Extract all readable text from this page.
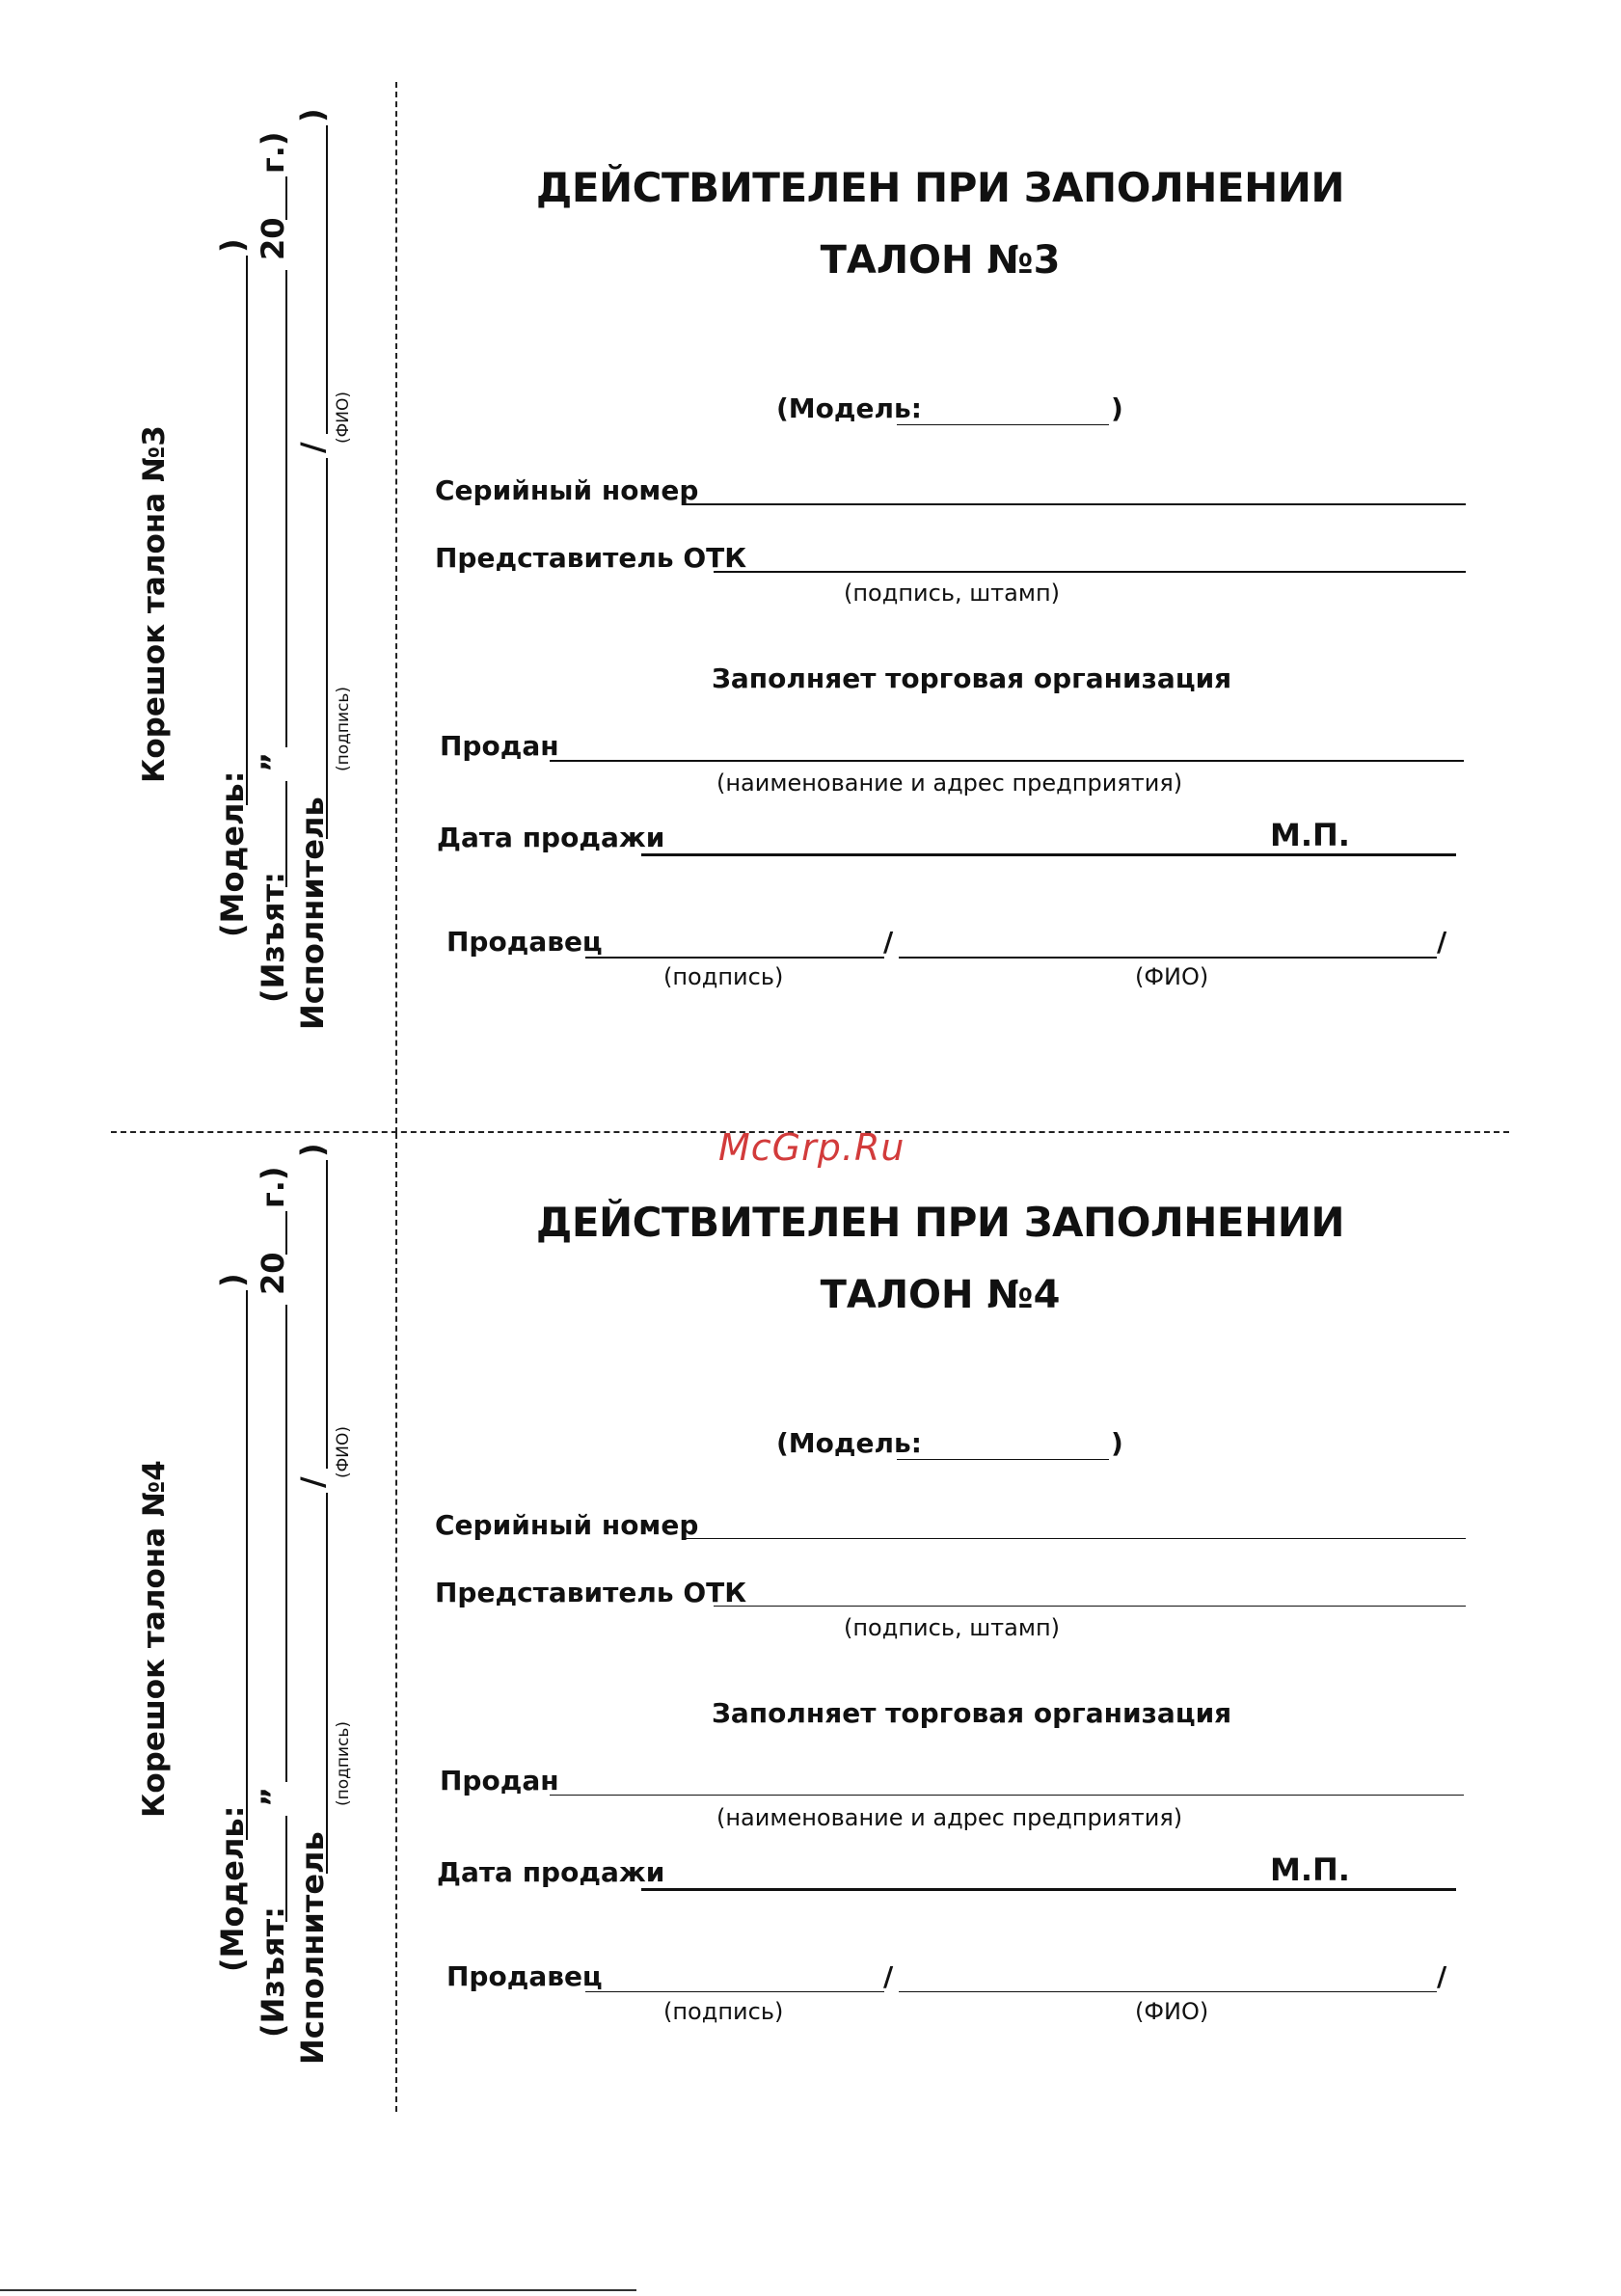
Корешок талона №3
(Модель:
)
(Изъят:
”
20
г.)
Исполнитель
/
)
(подпись)
(ФИО)
ДЕЙСТВИТЕЛЕН ПРИ ЗАПОЛНЕНИИ
ТАЛОН №3
(Модель:	)
Серийный номер
Представитель ОТК
(подпись, штамп)
Заполняет торговая организация
Продан
(наименование и адрес предприятия)
Дата продажи	М.П.
Продавец	/	/
(подпись)	(ФИО)
McGrp.Ru
Корешок талона №4
(Модель:
)
(Изъят:
”
20
г.)
Исполнитель
/
)
(подпись)
(ФИО)
ДЕЙСТВИТЕЛЕН ПРИ ЗАПОЛНЕНИИ
ТАЛОН №4
(Модель:	)
Серийный номер
Представитель ОТК
(подпись, штамп)
Заполняет торговая организация
Продан
(наименование и адрес предприятия)
Дата продажи	М.П.
Продавец	/	/
(подпись)	(ФИО)
